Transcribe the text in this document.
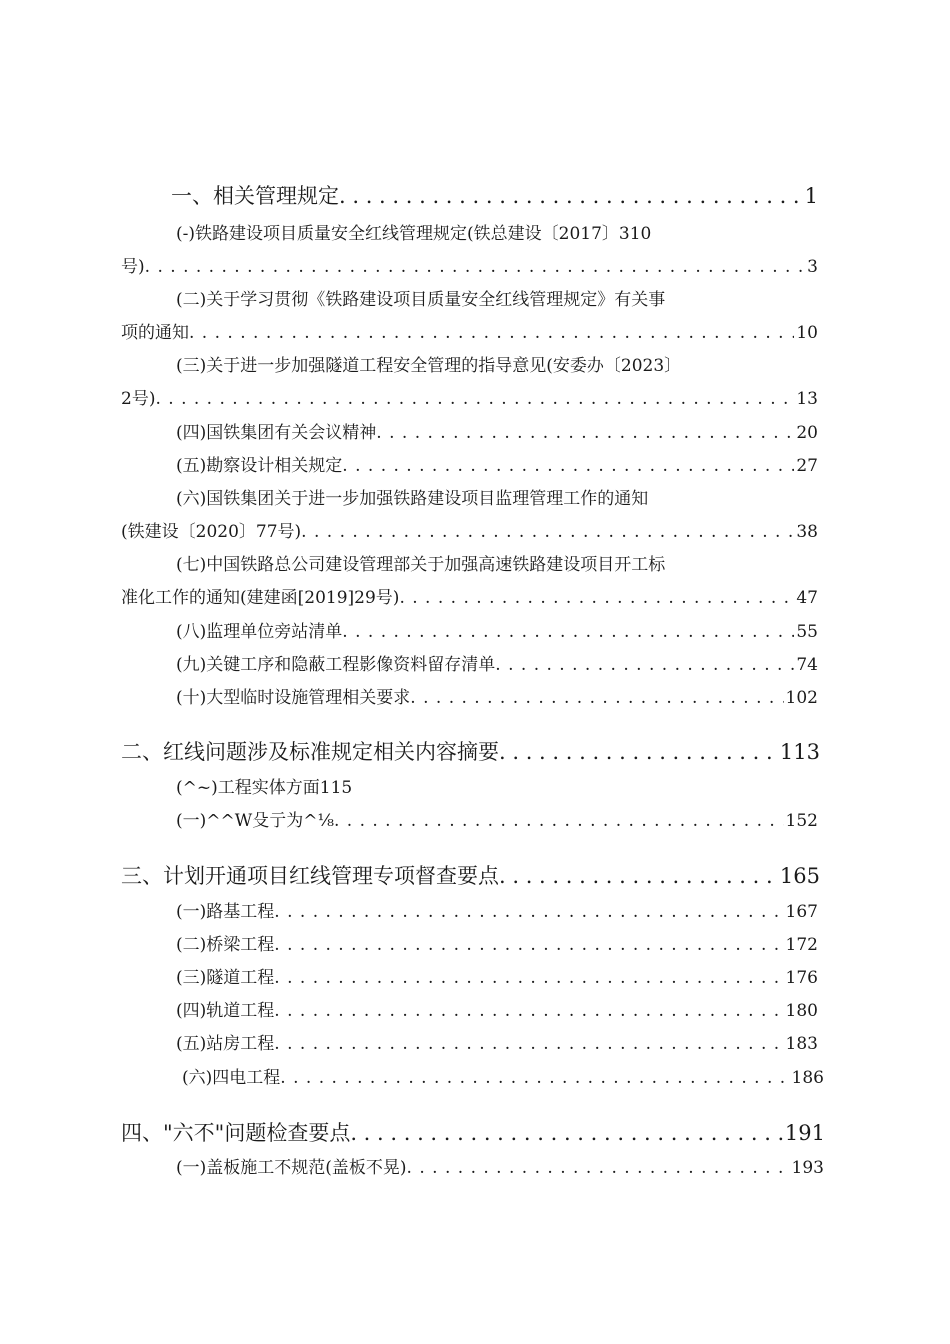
一、相关管理规定 . . .	1
(-)铁路建设项目质量安全红线管理规定(铁总建设〔2017〕310
号) . . .	3
(二)关于学习贯彻《铁路建设项目质量安全红线管理规定》有关事
项的通知 . . .	10
(三)关于进一步加强隧道工程安全管理的指导意见(安委办〔2023〕
2号) . . .	13
(四)国铁集团有关会议精神 . . .	20
(五)勘察设计相关规定 . . .	27
(六)国铁集团关于进一步加强铁路建设项目监理管理工作的通知
(铁建设〔2020〕77号) . . .	38
(七)中国铁路总公司建设管理部关于加强高速铁路建设项目开工标
准化工作的通知(建建函[2019]29号) . . .	47
(八)监理单位旁站清单 . . .	55
(九)关键工序和隐蔽工程影像资料留存清单 . . .	74
(十)大型临时设施管理相关要求 . . .	102
二、红线问题涉及标准规定相关内容摘要 . . .	113
(^~)工程实体方面115
(一)^^W殳亍为^⅛ . . .	152
三、计划开通项目红线管理专项督查要点 . . .	165
(一)路基工程 . . .	167
(二)桥梁工程 . . .	172
(三)隧道工程 . . .	176
(四)轨道工程 . . .	180
(五)站房工程 . . .	183
(六)四电工程 . . .	186
四、"六不"问题检查要点 . . .	191
(一)盖板施工不规范(盖板不晃) . . .	193
